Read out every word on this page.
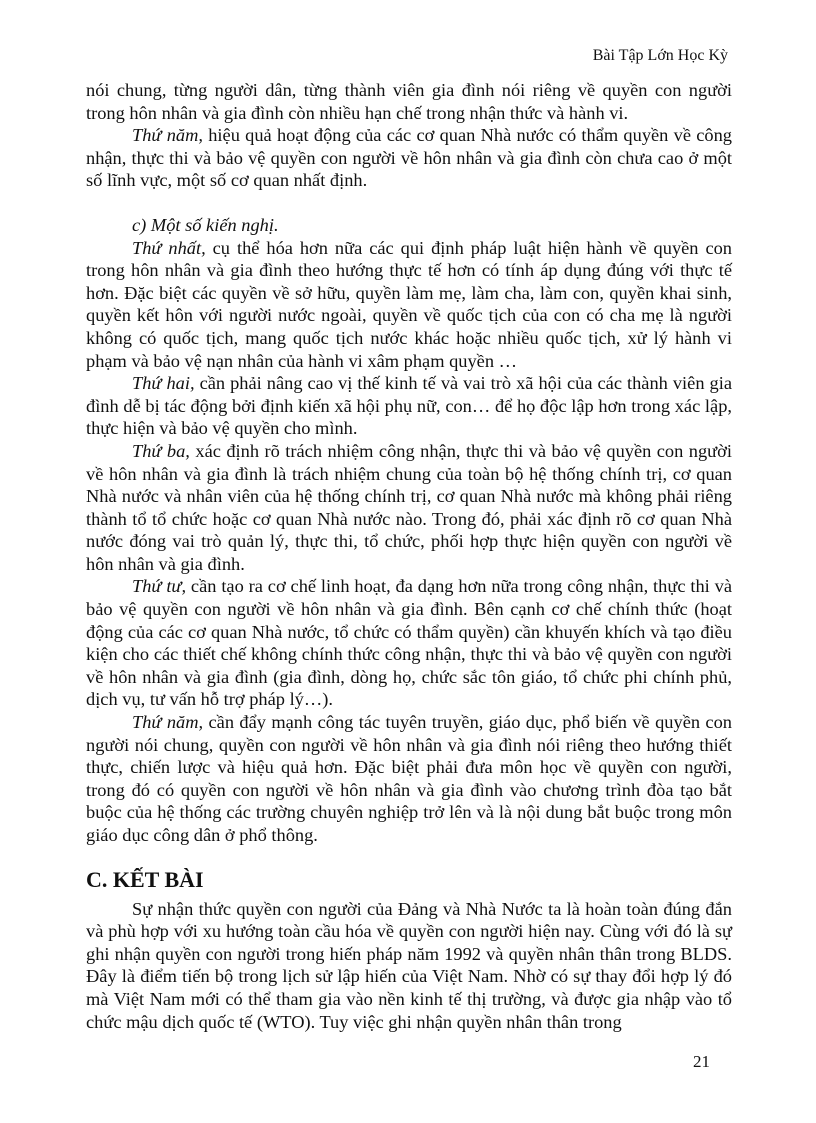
Bài Tập Lớn Học Kỳ

nói chung, từng người dân, từng thành viên gia đình nói riêng về quyền con người trong hôn nhân và gia đình còn nhiều hạn chế trong nhận thức và hành vi.

Thứ năm, hiệu quả hoạt động của các cơ quan Nhà nước có thẩm quyền về công nhận, thực thi và bảo vệ quyền con người về hôn nhân và gia đình còn chưa cao ở một số lĩnh vực, một số cơ quan nhất định.

c) Một số kiến nghị.

Thứ nhất, cụ thể hóa hơn nữa các qui định pháp luật hiện hành về quyền con trong hôn nhân và gia đình theo hướng thực tế hơn có tính áp dụng đúng với thực tế hơn. Đặc biệt các quyền về sở hữu, quyền làm mẹ, làm cha, làm con, quyền khai sinh, quyền kết hôn với người nước ngoài, quyền về quốc tịch của con có cha mẹ là người không có quốc tịch, mang quốc tịch nước khác hoặc nhiều quốc tịch, xử lý hành vi phạm và bảo vệ nạn nhân của hành vi xâm phạm quyền …

Thứ hai, cần phải nâng cao vị thế kinh tế và vai trò xã hội của các thành viên gia đình dễ bị tác động bởi định kiến xã hội phụ nữ, con… để họ độc lập hơn trong xác lập, thực hiện và bảo vệ quyền cho mình.

Thứ ba, xác định rõ trách nhiệm công nhận, thực thi và bảo vệ quyền con người về hôn nhân và gia đình là trách nhiệm chung của toàn bộ hệ thống chính trị, cơ quan Nhà nước và nhân viên của hệ thống chính trị, cơ quan Nhà nước mà không phải riêng thành tổ tổ chức hoặc cơ quan Nhà nước nào. Trong đó, phải xác định rõ cơ quan Nhà nước đóng vai trò quản lý, thực thi, tổ chức, phối hợp thực hiện quyền con người về hôn nhân và gia đình.

Thứ tư, cần tạo ra cơ chế linh hoạt, đa dạng hơn nữa trong công nhận, thực thi và bảo vệ quyền con người về hôn nhân và gia đình. Bên cạnh cơ chế chính thức (hoạt động của các cơ quan Nhà nước, tổ chức có thẩm quyền) cần khuyến khích và tạo điều kiện cho các thiết chế không chính thức công nhận, thực thi và bảo vệ quyền con người về hôn nhân và gia đình (gia đình, dòng họ, chức sắc tôn giáo, tổ chức phi chính phủ, dịch vụ, tư vấn hỗ trợ pháp lý…).

Thứ năm, cần đẩy mạnh công tác tuyên truyền, giáo dục, phổ biến về quyền con người nói chung, quyền con người về hôn nhân và gia đình nói riêng theo hướng thiết thực, chiến lược và hiệu quả hơn. Đặc biệt phải đưa môn học về quyền con người, trong đó có quyền con người về hôn nhân và gia đình vào chương trình đòa tạo bắt buộc của hệ thống các trường chuyên nghiệp trở lên và là nội dung bắt buộc trong môn giáo dục công dân ở phổ thông.

C. KẾT BÀI

Sự nhận thức quyền con người của Đảng và Nhà Nước ta là hoàn toàn đúng đắn và phù hợp với xu hướng toàn cầu hóa về quyền con người hiện nay. Cùng với đó là sự ghi nhận quyền con người trong hiến pháp năm 1992 và quyền nhân thân trong BLDS. Đây là điểm tiến bộ trong lịch sử lập hiến của Việt Nam. Nhờ có sự thay đổi hợp lý đó mà Việt Nam mới có thể tham gia vào nền kinh tế thị trường, và được gia nhập vào tổ chức mậu dịch quốc tế (WTO). Tuy việc ghi nhận quyền nhân thân trong

21
